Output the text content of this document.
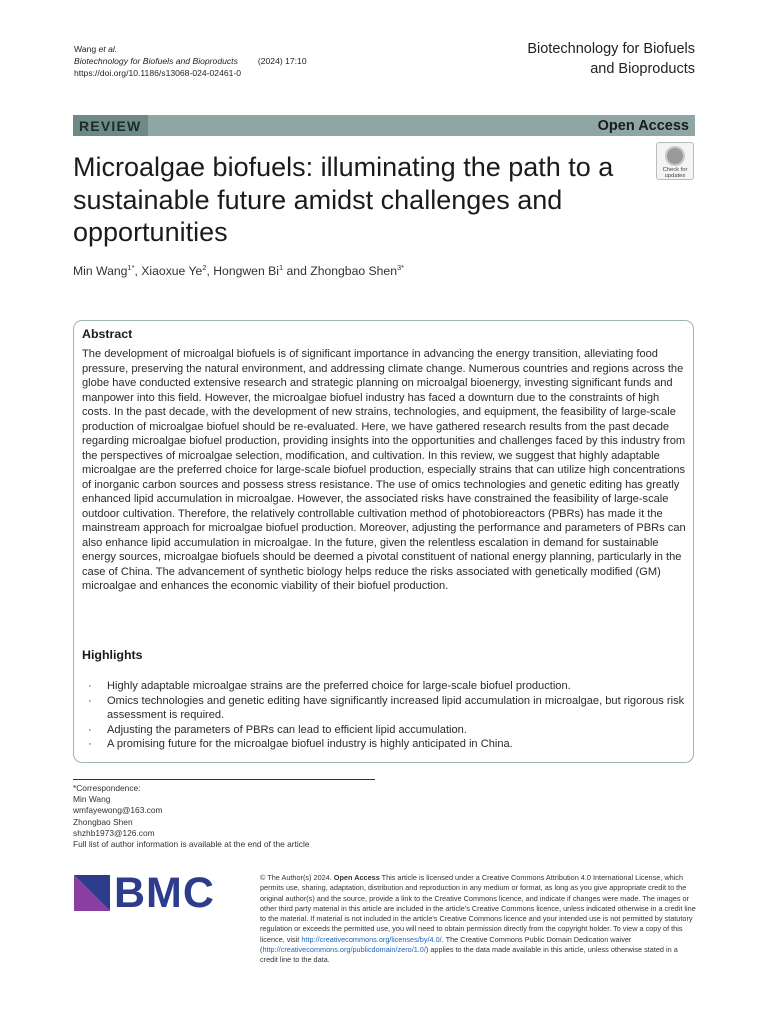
Wang et al.
Biotechnology for Biofuels and Bioproducts (2024) 17:10
https://doi.org/10.1186/s13068-024-02461-0
Biotechnology for Biofuels
and Bioproducts
REVIEW	Open Access
Microalgae biofuels: illuminating the path to a sustainable future amidst challenges and opportunities
Check for
updates
Min Wang$^{1*}$, Xiaoxue Ye$^2$, Hongwen Bi$^1$ and Zhongbao Shen$^{3*}$
Abstract

The development of microalgal biofuels is of significant importance in advancing the energy transition, alleviating food pressure, preserving the natural environment, and addressing climate change. Numerous countries and regions across the globe have conducted extensive research and strategic planning on microalgal bioenergy, investing significant funds and manpower into this field. However, the microalgae biofuel industry has faced a downturn due to the constraints of high costs. In the past decade, with the development of new strains, technologies, and equipment, the feasibility of large-scale production of microalgae biofuel should be re-evaluated. Here, we have gathered research results from the past decade regarding microalgae biofuel production, providing insights into the opportunities and challenges faced by this industry from the perspectives of microalgae selection, modification, and cultivation. In this review, we suggest that highly adaptable microalgae are the preferred choice for large-scale biofuel production, especially strains that can utilize high concentrations of inorganic carbon sources and possess stress resistance. The use of omics technologies and genetic editing has greatly enhanced lipid accumulation in microalgae. However, the associated risks have constrained the feasibility of large-scale outdoor cultivation. Therefore, the relatively controllable cultivation method of photobioreactors (PBRs) has made it the mainstream approach for microalgae biofuel production. Moreover, adjusting the performance and parameters of PBRs can also enhance lipid accumulation in microalgae. In the future, given the relentless escalation in demand for sustainable energy sources, microalgae biofuels should be deemed a pivotal constituent of national energy planning, particularly in the case of China. The advancement of synthetic biology helps reduce the risks associated with genetically modified (GM) microalgae and enhances the economic viability of their biofuel production.

Highlights
· Highly adaptable microalgae strains are the preferred choice for large-scale biofuel production.
· Omics technologies and genetic editing have significantly increased lipid accumulation in microalgae, but rigorous risk assessment is required.
· Adjusting the parameters of PBRs can lead to efficient lipid accumulation.
· A promising future for the microalgae biofuel industry is highly anticipated in China.
*Correspondence:
Min Wang
wmfayewong@163.com
Zhongbao Shen
shzhb1973@126.com
Full list of author information is available at the end of the article
BMC	© The Author(s) 2024. Open Access This article is licensed under a Creative Commons Attribution 4.0 International License, which permits use, sharing, adaptation, distribution and reproduction in any medium or format, as long as you give appropriate credit to the original author(s) and the source, provide a link to the Creative Commons licence, and indicate if changes were made. The images or other third party material in this article are included in the article's Creative Commons licence, unless indicated otherwise in a credit line to the material. If material is not included in the article's Creative Commons licence and your intended use is not permitted by statutory regulation or exceeds the permitted use, you will need to obtain permission directly from the copyright holder. To view a copy of this licence, visit http://creativecommons.org/licenses/by/4.0/. The Creative Commons Public Domain Dedication waiver (http://creativecommons.org/publicdomain/zero/1.0/) applies to the data made available in this article, unless otherwise stated in a credit line to the data.
